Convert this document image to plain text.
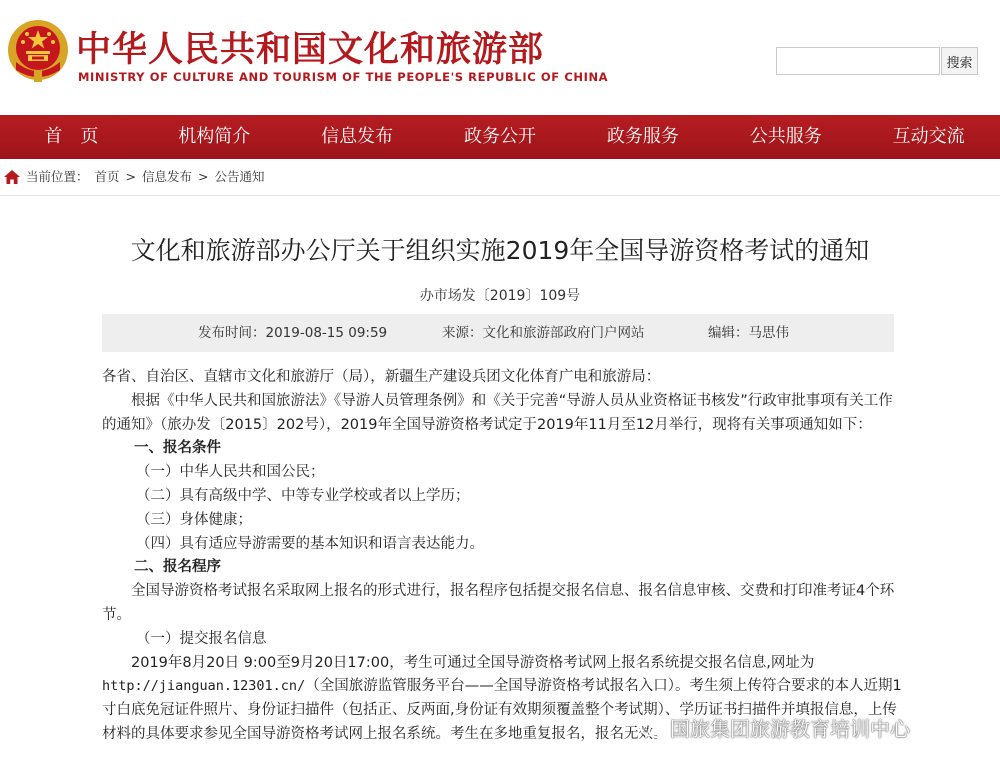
中华人民共和国文化和旅游部
MINISTRY OF CULTURE AND TOURISM OF THE PEOPLE'S REPUBLIC OF CHINA
搜索
首　页	机构简介	信息发布	政务公开	政务服务	公共服务	互动交流
当前位置： 首页 > 信息发布 > 公告通知
文化和旅游部办公厅关于组织实施2019年全国导游资格考试的通知
办市场发〔2019〕109号
发布时间：2019-08-15 09:59	来源：文化和旅游部政府门户网站	编辑：马思伟

各省、自治区、直辖市文化和旅游厅（局），新疆生产建设兵团文化体育广电和旅游局：

根据《中华人民共和国旅游法》《导游人员管理条例》和《关于完善“导游人员从业资格证书核发”行政审批事项有关工作的通知》（旅办发〔2015〕202号），2019年全国导游资格考试定于2019年11月至12月举行，现将有关事项通知如下：

一、报名条件

（一）中华人民共和国公民；

（二）具有高级中学、中等专业学校或者以上学历；

（三）身体健康；

（四）具有适应导游需要的基本知识和语言表达能力。

二、报名程序

全国导游资格考试报名采取网上报名的形式进行，报名程序包括提交报名信息、报名信息审核、交费和打印准考证4个环节。

（一）提交报名信息

2019年8月20日 9:00至9月20日17:00，考生可通过全国导游资格考试网上报名系统提交报名信息,网址为http://jianguan.12301.cn/（全国旅游监管服务平台——全国导游资格考试报名入口）。考生须上传符合要求的本人近期1寸白底免冠证件照片、身份证扫描件（包括正、反两面,身份证有效期须覆盖整个考试期）、学历证书扫描件并填报信息，上传材料的具体要求参见全国导游资格考试网上报名系统。考生在多地重复报名，报名无效。 国旅集团旅游教育培训中心
